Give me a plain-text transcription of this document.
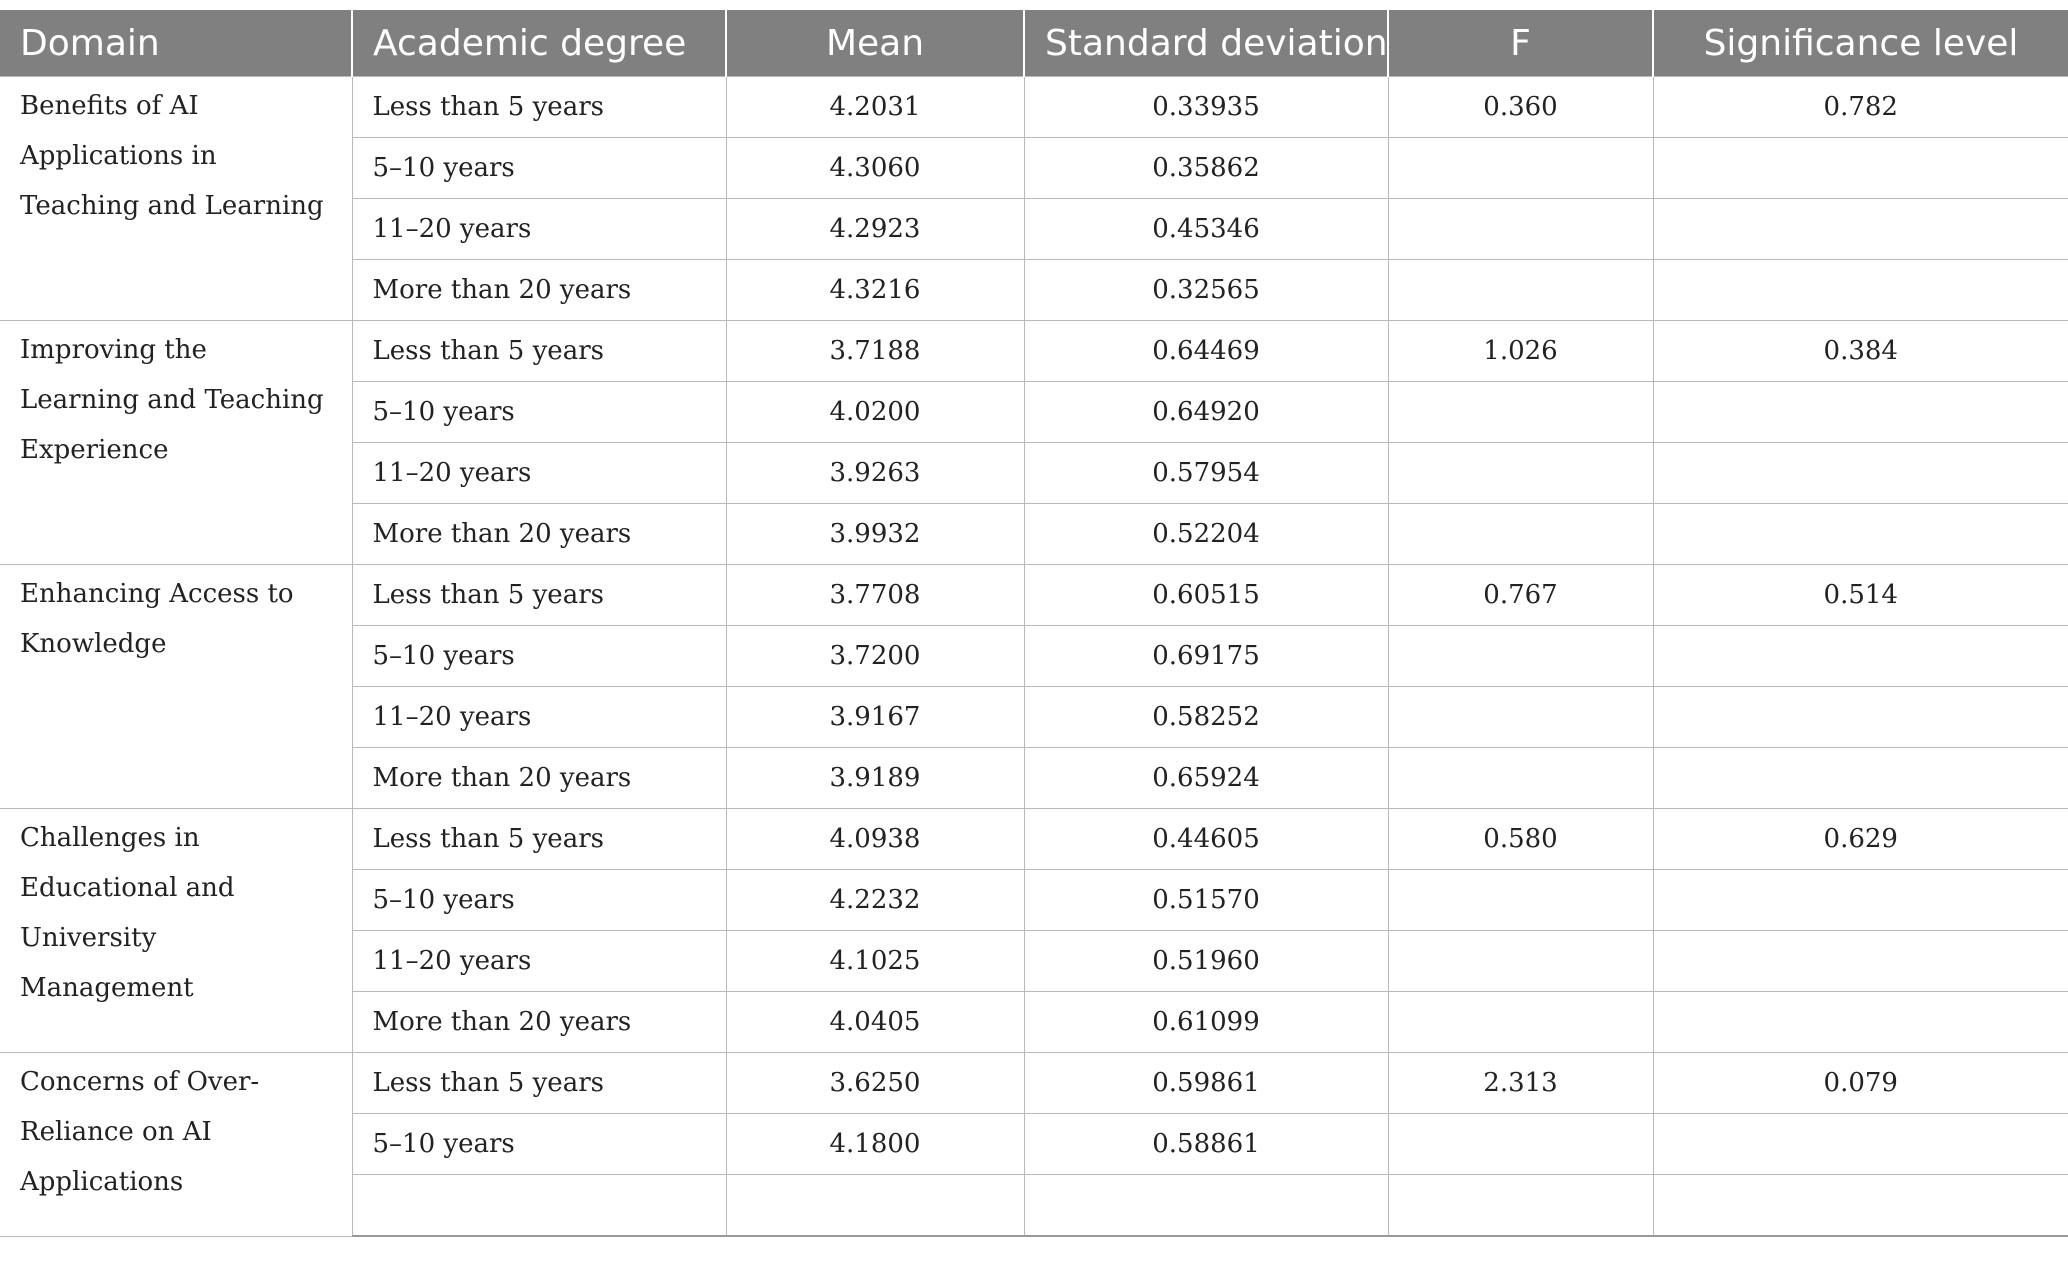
Domain	Academic degree	Mean	Standard deviation	F	Significance level
Benefits of AI Applications in Teaching and Learning	Less than 5 years	4.2031	0.33935	0.360	0.782
	5–10 years	4.3060	0.35862		
	11–20 years	4.2923	0.45346		
	More than 20 years	4.3216	0.32565		
Improving the Learning and Teaching Experience	Less than 5 years	3.7188	0.64469	1.026	0.384
	5–10 years	4.0200	0.64920		
	11–20 years	3.9263	0.57954		
	More than 20 years	3.9932	0.52204		
Enhancing Access to Knowledge	Less than 5 years	3.7708	0.60515	0.767	0.514
	5–10 years	3.7200	0.69175		
	11–20 years	3.9167	0.58252		
	More than 20 years	3.9189	0.65924		
Challenges in Educational and University Management	Less than 5 years	4.0938	0.44605	0.580	0.629
	5–10 years	4.2232	0.51570		
	11–20 years	4.1025	0.51960		
	More than 20 years	4.0405	0.61099		
Concerns of Over-Reliance on AI Applications	Less than 5 years	3.6250	0.59861	2.313	0.079
	5–10 years	4.1800	0.58861		
